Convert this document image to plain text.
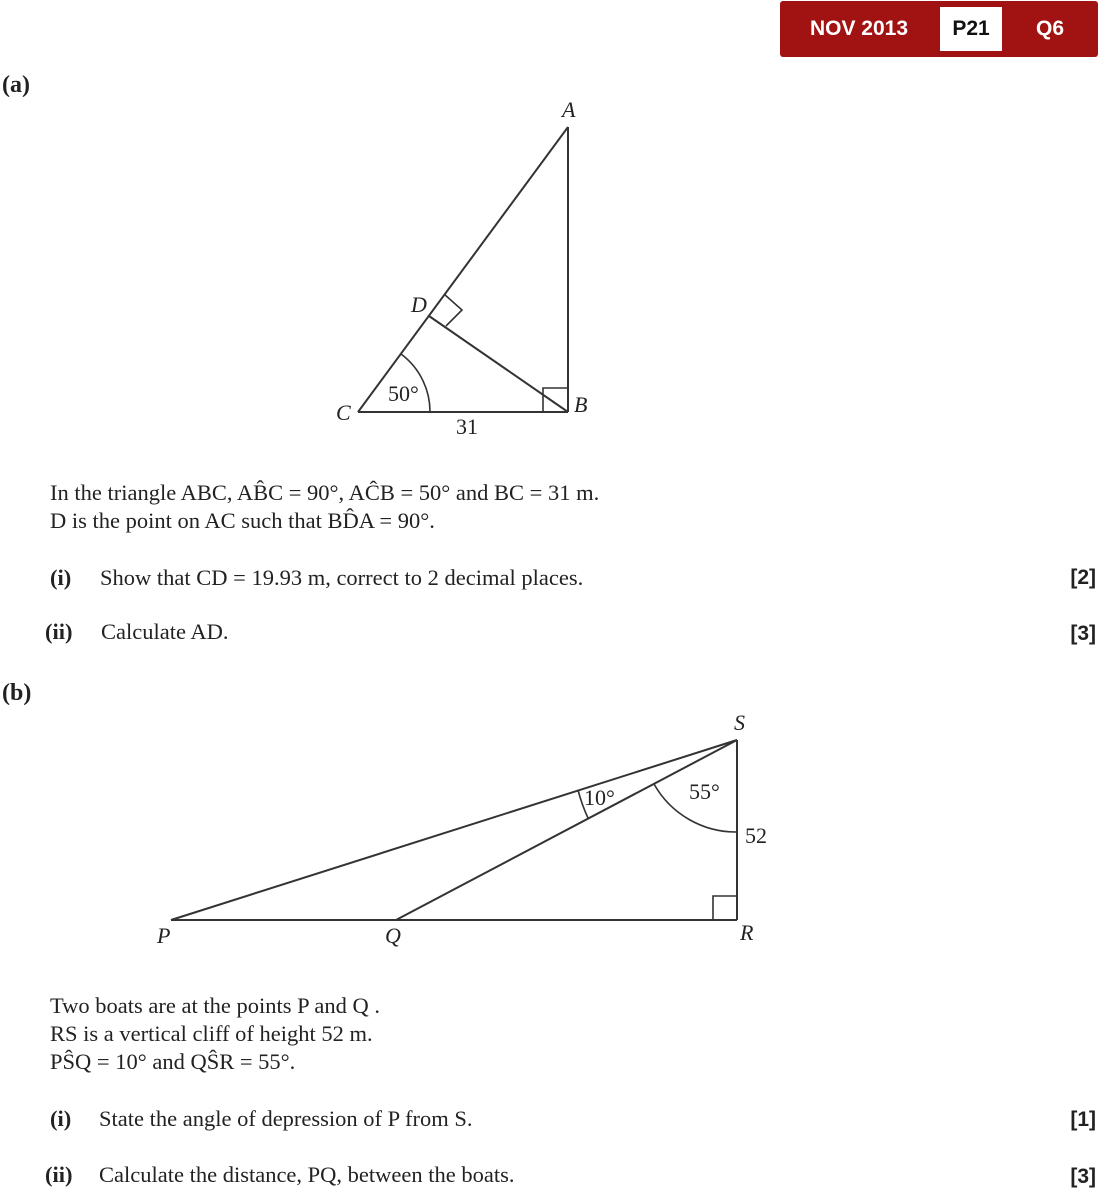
NOV 2013	P21	Q6
(a)
A
B
C
D
50°
31
S
P	Q	R
10°	55°
52
In the triangle ABC, AB̂C = 90°, AĈB = 50° and BC = 31 m.
D is the point on AC such that BD̂A = 90°.
(i) Show that CD = 19.93 m, correct to 2 decimal places.	[2]
(ii) Calculate AD.	[3]
(b)
Two boats are at the points P and Q .
RS is a vertical cliff of height 52 m.
PŜQ = 10° and QŜR = 55°.
(i) State the angle of depression of P from S.	[1]
(ii) Calculate the distance, PQ, between the boats.	[3]
